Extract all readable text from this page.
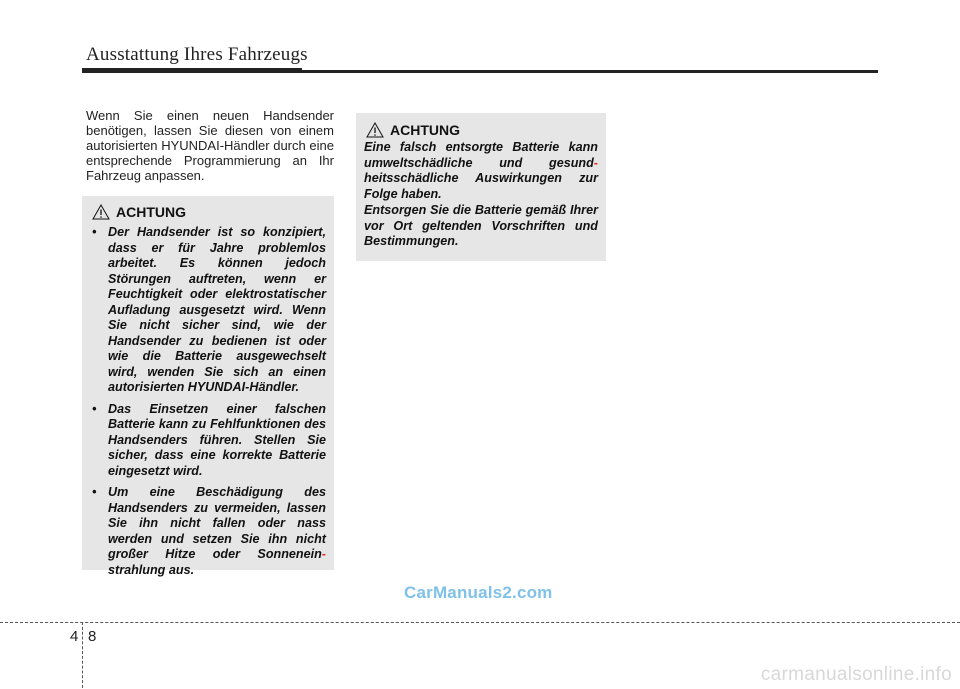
Ausstattung Ihres Fahrzeugs

Wenn Sie einen neuen Handsender benötigen, lassen Sie diesen von einem autorisierten HYUNDAI-Händler durch eine entsprechende Programmierung an Ihr Fahrzeug anpassen.

ACHTUNG
• Der Handsender ist so konzipiert, dass er für Jahre problemlos arbeitet. Es können jedoch Störungen auftreten, wenn er Feuchtigkeit oder elektrostatischer Aufladung ausgesetzt wird. Wenn Sie nicht sicher sind, wie der Handsender zu bedienen ist oder wie die Batterie ausgewechselt wird, wenden Sie sich an einen autorisierten HYUNDAI-Händler.
• Das Einsetzen einer falschen Batterie kann zu Fehlfunktionen des Handsenders führen. Stellen Sie sicher, dass eine korrekte Batterie eingesetzt wird.
• Um eine Beschädigung des Handsenders zu vermeiden, lassen Sie ihn nicht fallen oder nass werden und setzen Sie ihn nicht großer Hitze oder Sonnenein-strahlung aus.
ACHTUNG

Eine falsch entsorgte Batterie kann umweltschädliche und gesund-heitsschädliche Auswirkungen zur Folge haben.

Entsorgen Sie die Batterie gemäß Ihrer vor Ort geltenden Vorschriften und Bestimmungen.

CarManuals2.com
4 8
carmanualsonline.info
